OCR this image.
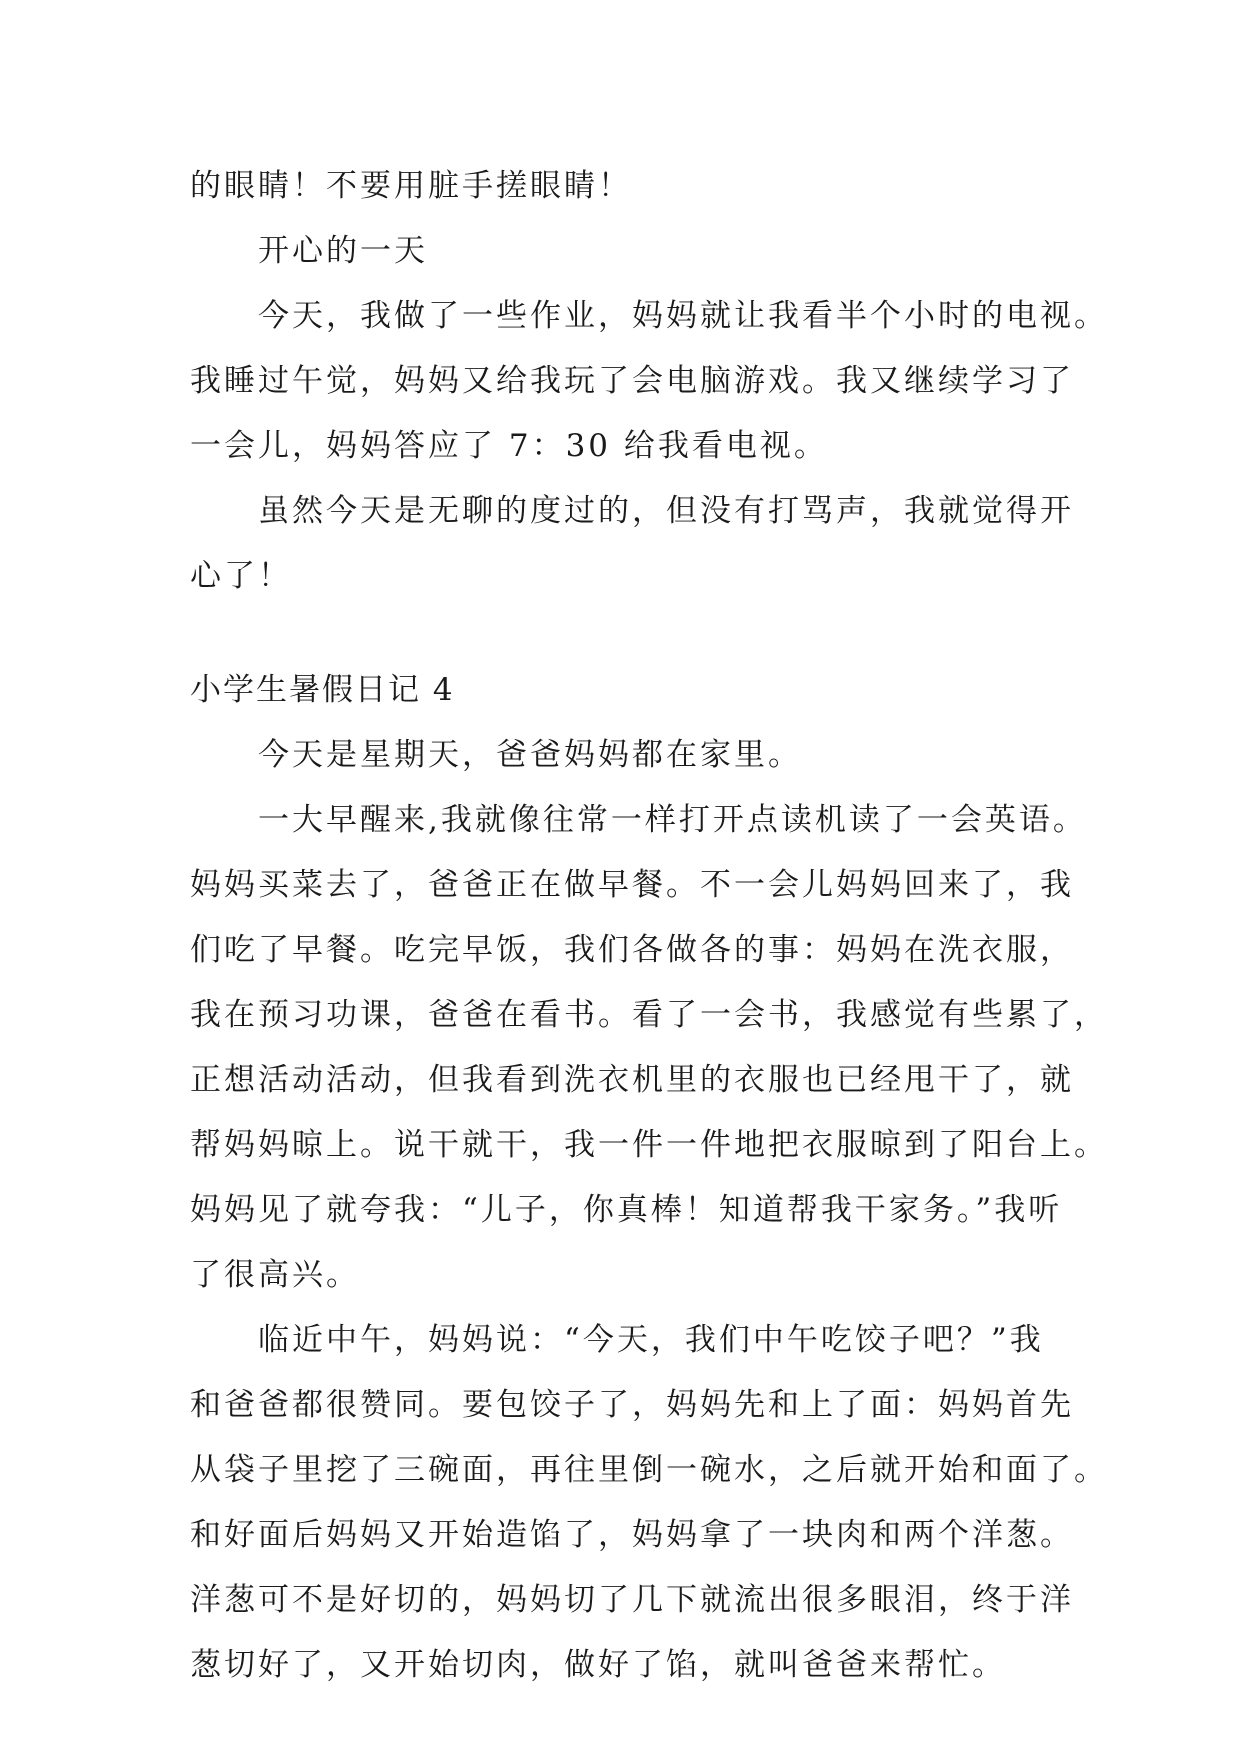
的眼睛！不要用脏手搓眼睛！

开心的一天

今天，我做了一些作业，妈妈就让我看半个小时的电视。

我睡过午觉，妈妈又给我玩了会电脑游戏。我又继续学习了

一会儿，妈妈答应了 7：30 给我看电视。

虽然今天是无聊的度过的，但没有打骂声，我就觉得开

心了！

小学生暑假日记 4

今天是星期天，爸爸妈妈都在家里。

一大早醒来,我就像往常一样打开点读机读了一会英语。

妈妈买菜去了，爸爸正在做早餐。不一会儿妈妈回来了，我

们吃了早餐。吃完早饭，我们各做各的事：妈妈在洗衣服，

我在预习功课，爸爸在看书。看了一会书，我感觉有些累了，

正想活动活动，但我看到洗衣机里的衣服也已经甩干了，就

帮妈妈晾上。说干就干，我一件一件地把衣服晾到了阳台上。

妈妈见了就夸我：“儿子，你真棒！知道帮我干家务。”我听

了很高兴。

临近中午，妈妈说：“今天，我们中午吃饺子吧？”我

和爸爸都很赞同。要包饺子了，妈妈先和上了面：妈妈首先

从袋子里挖了三碗面，再往里倒一碗水，之后就开始和面了。

和好面后妈妈又开始造馅了，妈妈拿了一块肉和两个洋葱。

洋葱可不是好切的，妈妈切了几下就流出很多眼泪，终于洋

葱切好了，又开始切肉，做好了馅，就叫爸爸来帮忙。
